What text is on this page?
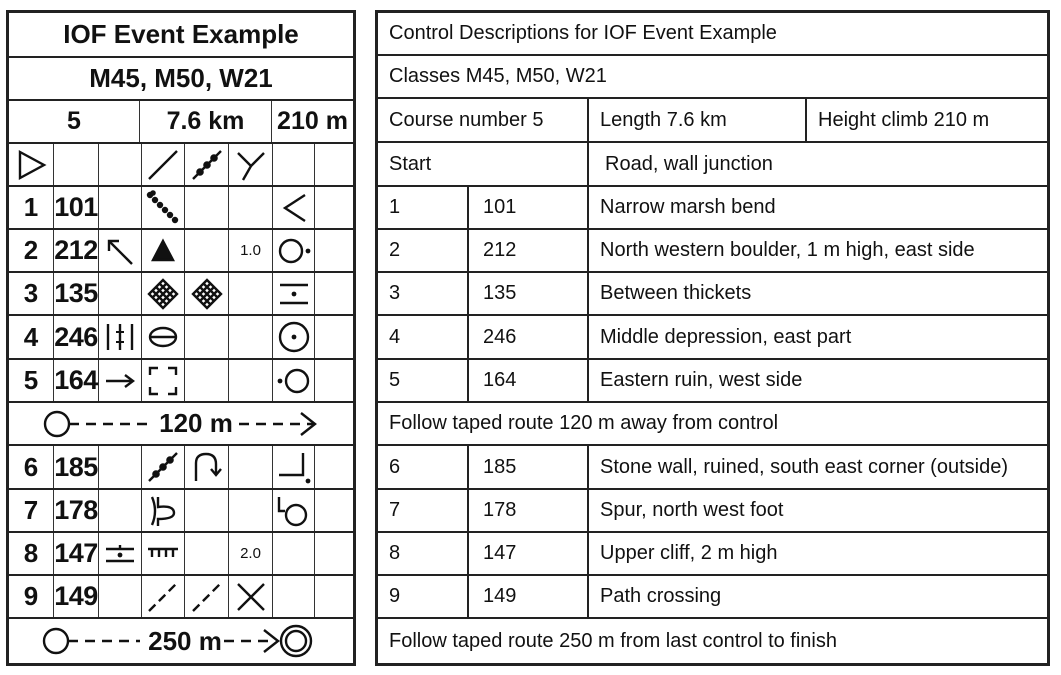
IOF Event Example
M45, M50, W21
5	7.6 km	210 m
1 101
2 212	1.0
3 135
4 246
5 164
120 m
6 185
7 178
8 147	2.0
9 149
250 m
Control Descriptions for IOF Event Example
Classes M45, M50, W21
Course number 5	Length 7.6 km	Height climb 210 m
Start	Road, wall junction
1	101	Narrow marsh bend
2	212	North western boulder, 1 m high, east side
3	135	Between thickets
4	246	Middle depression, east part
5	164	Eastern ruin, west side
Follow taped route 120 m away from control
6	185	Stone wall, ruined, south east corner (outside)
7	178	Spur, north west foot
8	147	Upper cliff, 2 m high
9	149	Path crossing
Follow taped route 250 m from last control to finish
